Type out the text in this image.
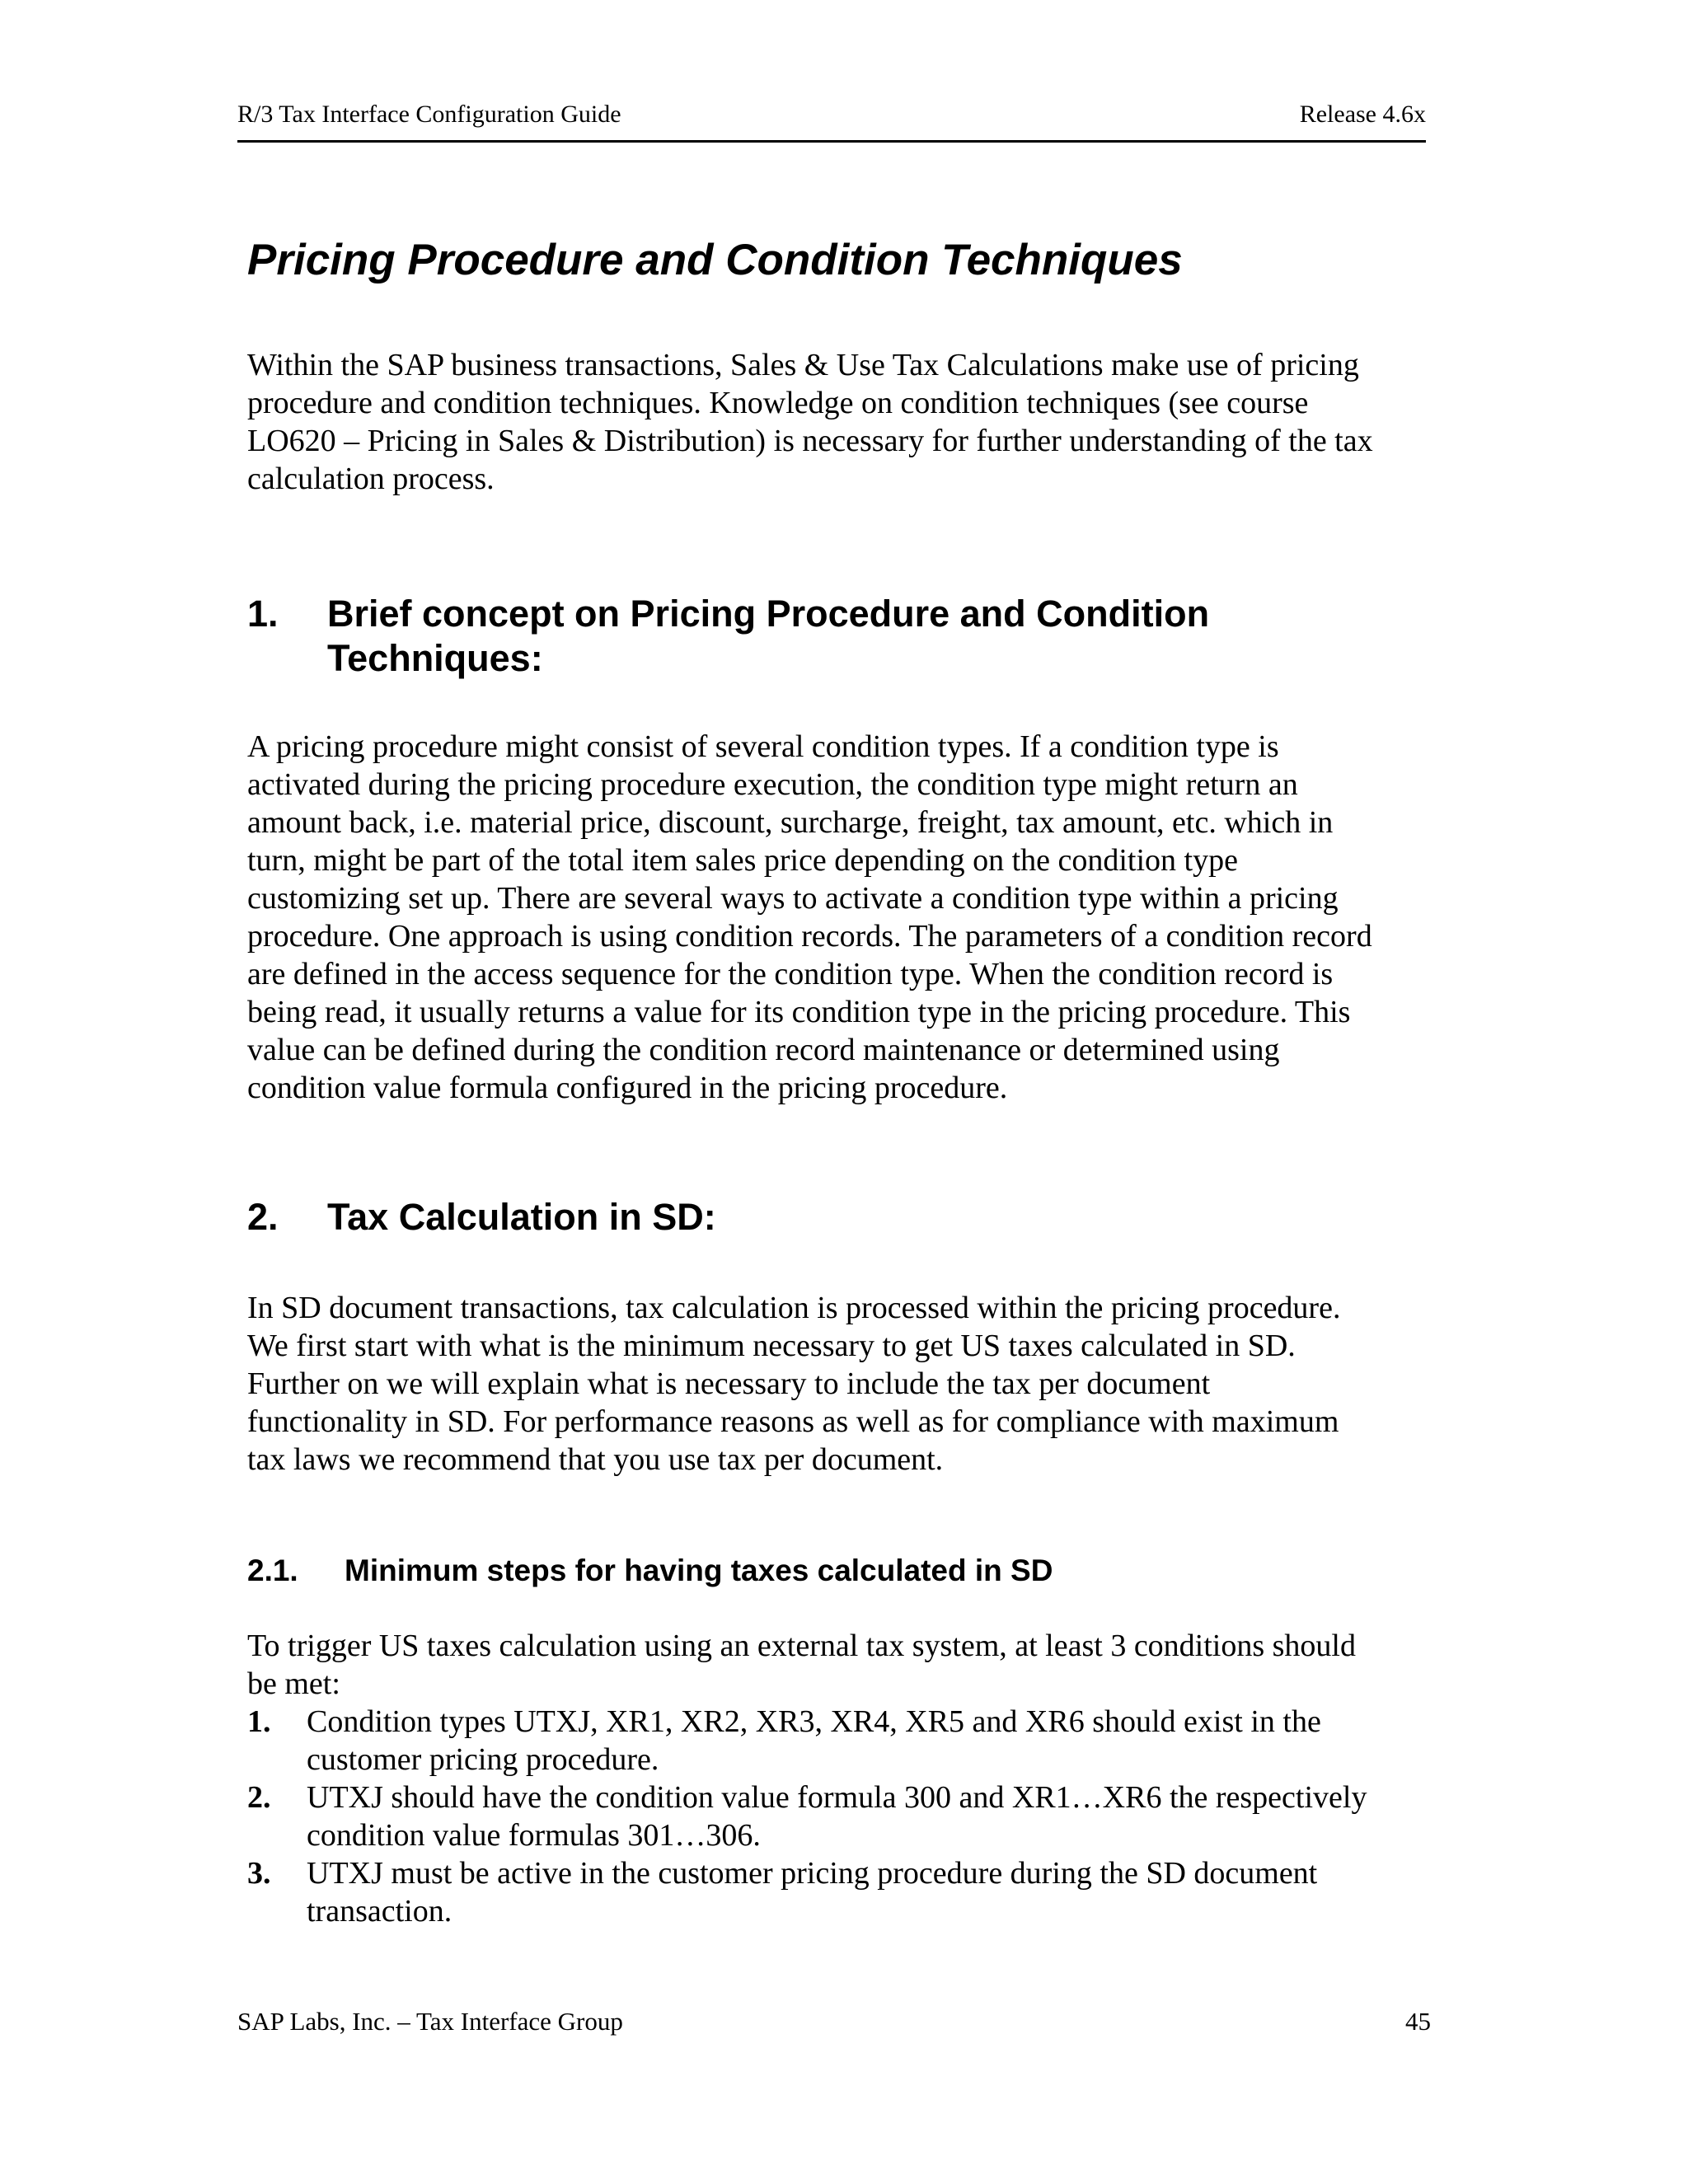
R/3 Tax Interface Configuration Guide	Release 4.6x
Pricing Procedure and Condition Techniques

Within the SAP business transactions, Sales & Use Tax Calculations make use of pricing
procedure and condition techniques. Knowledge on condition techniques (see course
LO620 – Pricing in Sales & Distribution) is necessary for further understanding of the tax
calculation process.

1. Brief concept on Pricing Procedure and Condition
Techniques:

A pricing procedure might consist of several condition types. If a condition type is
activated during the pricing procedure execution, the condition type might return an
amount back, i.e. material price, discount, surcharge, freight, tax amount, etc. which in
turn, might be part of the total item sales price depending on the condition type
customizing set up. There are several ways to activate a condition type within a pricing
procedure. One approach is using condition records. The parameters of a condition record
are defined in the access sequence for the condition type. When the condition record is
being read, it usually returns a value for its condition type in the pricing procedure. This
value can be defined during the condition record maintenance or determined using
condition value formula configured in the pricing procedure.

2. Tax Calculation in SD:

In SD document transactions, tax calculation is processed within the pricing procedure.
We first start with what is the minimum necessary to get US taxes calculated in SD.
Further on we will explain what is necessary to include the tax per document
functionality in SD. For performance reasons as well as for compliance with maximum
tax laws we recommend that you use tax per document.

2.1. Minimum steps for having taxes calculated in SD

To trigger US taxes calculation using an external tax system, at least 3 conditions should
be met:

1. Condition types UTXJ, XR1, XR2, XR3, XR4, XR5 and XR6 should exist in the
customer pricing procedure.
2. UTXJ should have the condition value formula 300 and XR1…XR6 the respectively
condition value formulas 301…306.
3. UTXJ must be active in the customer pricing procedure during the SD document
transaction.
SAP Labs, Inc. – Tax Interface Group	45
